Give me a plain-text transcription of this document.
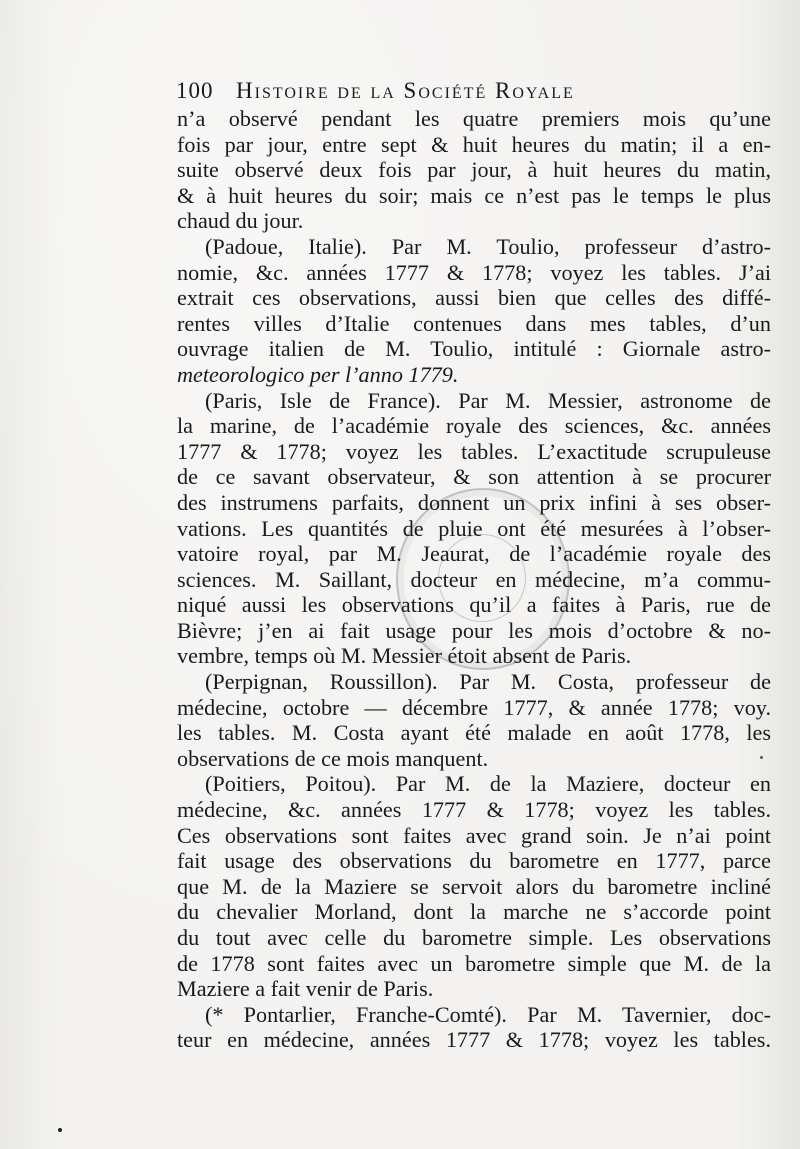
100 Histoire de la Société Royale
n’a observé pendant les quatre premiers mois qu’une
fois par jour, entre sept & huit heures du matin; il a en-
suite observé deux fois par jour, à huit heures du matin,
& à huit heures du soir; mais ce n’est pas le temps le plus
chaud du jour.
(Padoue, Italie). Par M. Toulio, professeur d’astro-
nomie, &c. années 1777 & 1778; voyez les tables. J’ai
extrait ces observations, aussi bien que celles des diffé-
rentes villes d’Italie contenues dans mes tables, d’un
ouvrage italien de M. Toulio, intitulé : Giornale astro-
meteorologico per l’anno 1779.
(Paris, Isle de France). Par M. Messier, astronome de
la marine, de l’académie royale des sciences, &c. années
1777 & 1778; voyez les tables. L’exactitude scrupuleuse
de ce savant observateur, & son attention à se procurer
des instrumens parfaits, donnent un prix infini à ses obser-
vations. Les quantités de pluie ont été mesurées à l’obser-
vatoire royal, par M. Jeaurat, de l’académie royale des
sciences. M. Saillant, docteur en médecine, m’a commu-
niqué aussi les observations qu’il a faites à Paris, rue de
Bièvre; j’en ai fait usage pour les mois d’octobre & no-
vembre, temps où M. Messier étoit absent de Paris.
(Perpignan, Roussillon). Par M. Costa, professeur de
médecine, octobre — décembre 1777, & année 1778; voy.
les tables. M. Costa ayant été malade en août 1778, les
observations de ce mois manquent.
(Poitiers, Poitou). Par M. de la Maziere, docteur en
médecine, &c. années 1777 & 1778; voyez les tables.
Ces observations sont faites avec grand soin. Je n’ai point
fait usage des observations du barometre en 1777, parce
que M. de la Maziere se servoit alors du barometre incliné
du chevalier Morland, dont la marche ne s’accorde point
du tout avec celle du barometre simple. Les observations
de 1778 sont faites avec un barometre simple que M. de la
Maziere a fait venir de Paris.
(* Pontarlier, Franche-Comté). Par M. Tavernier, doc-
teur en médecine, années 1777 & 1778; voyez les tables.
